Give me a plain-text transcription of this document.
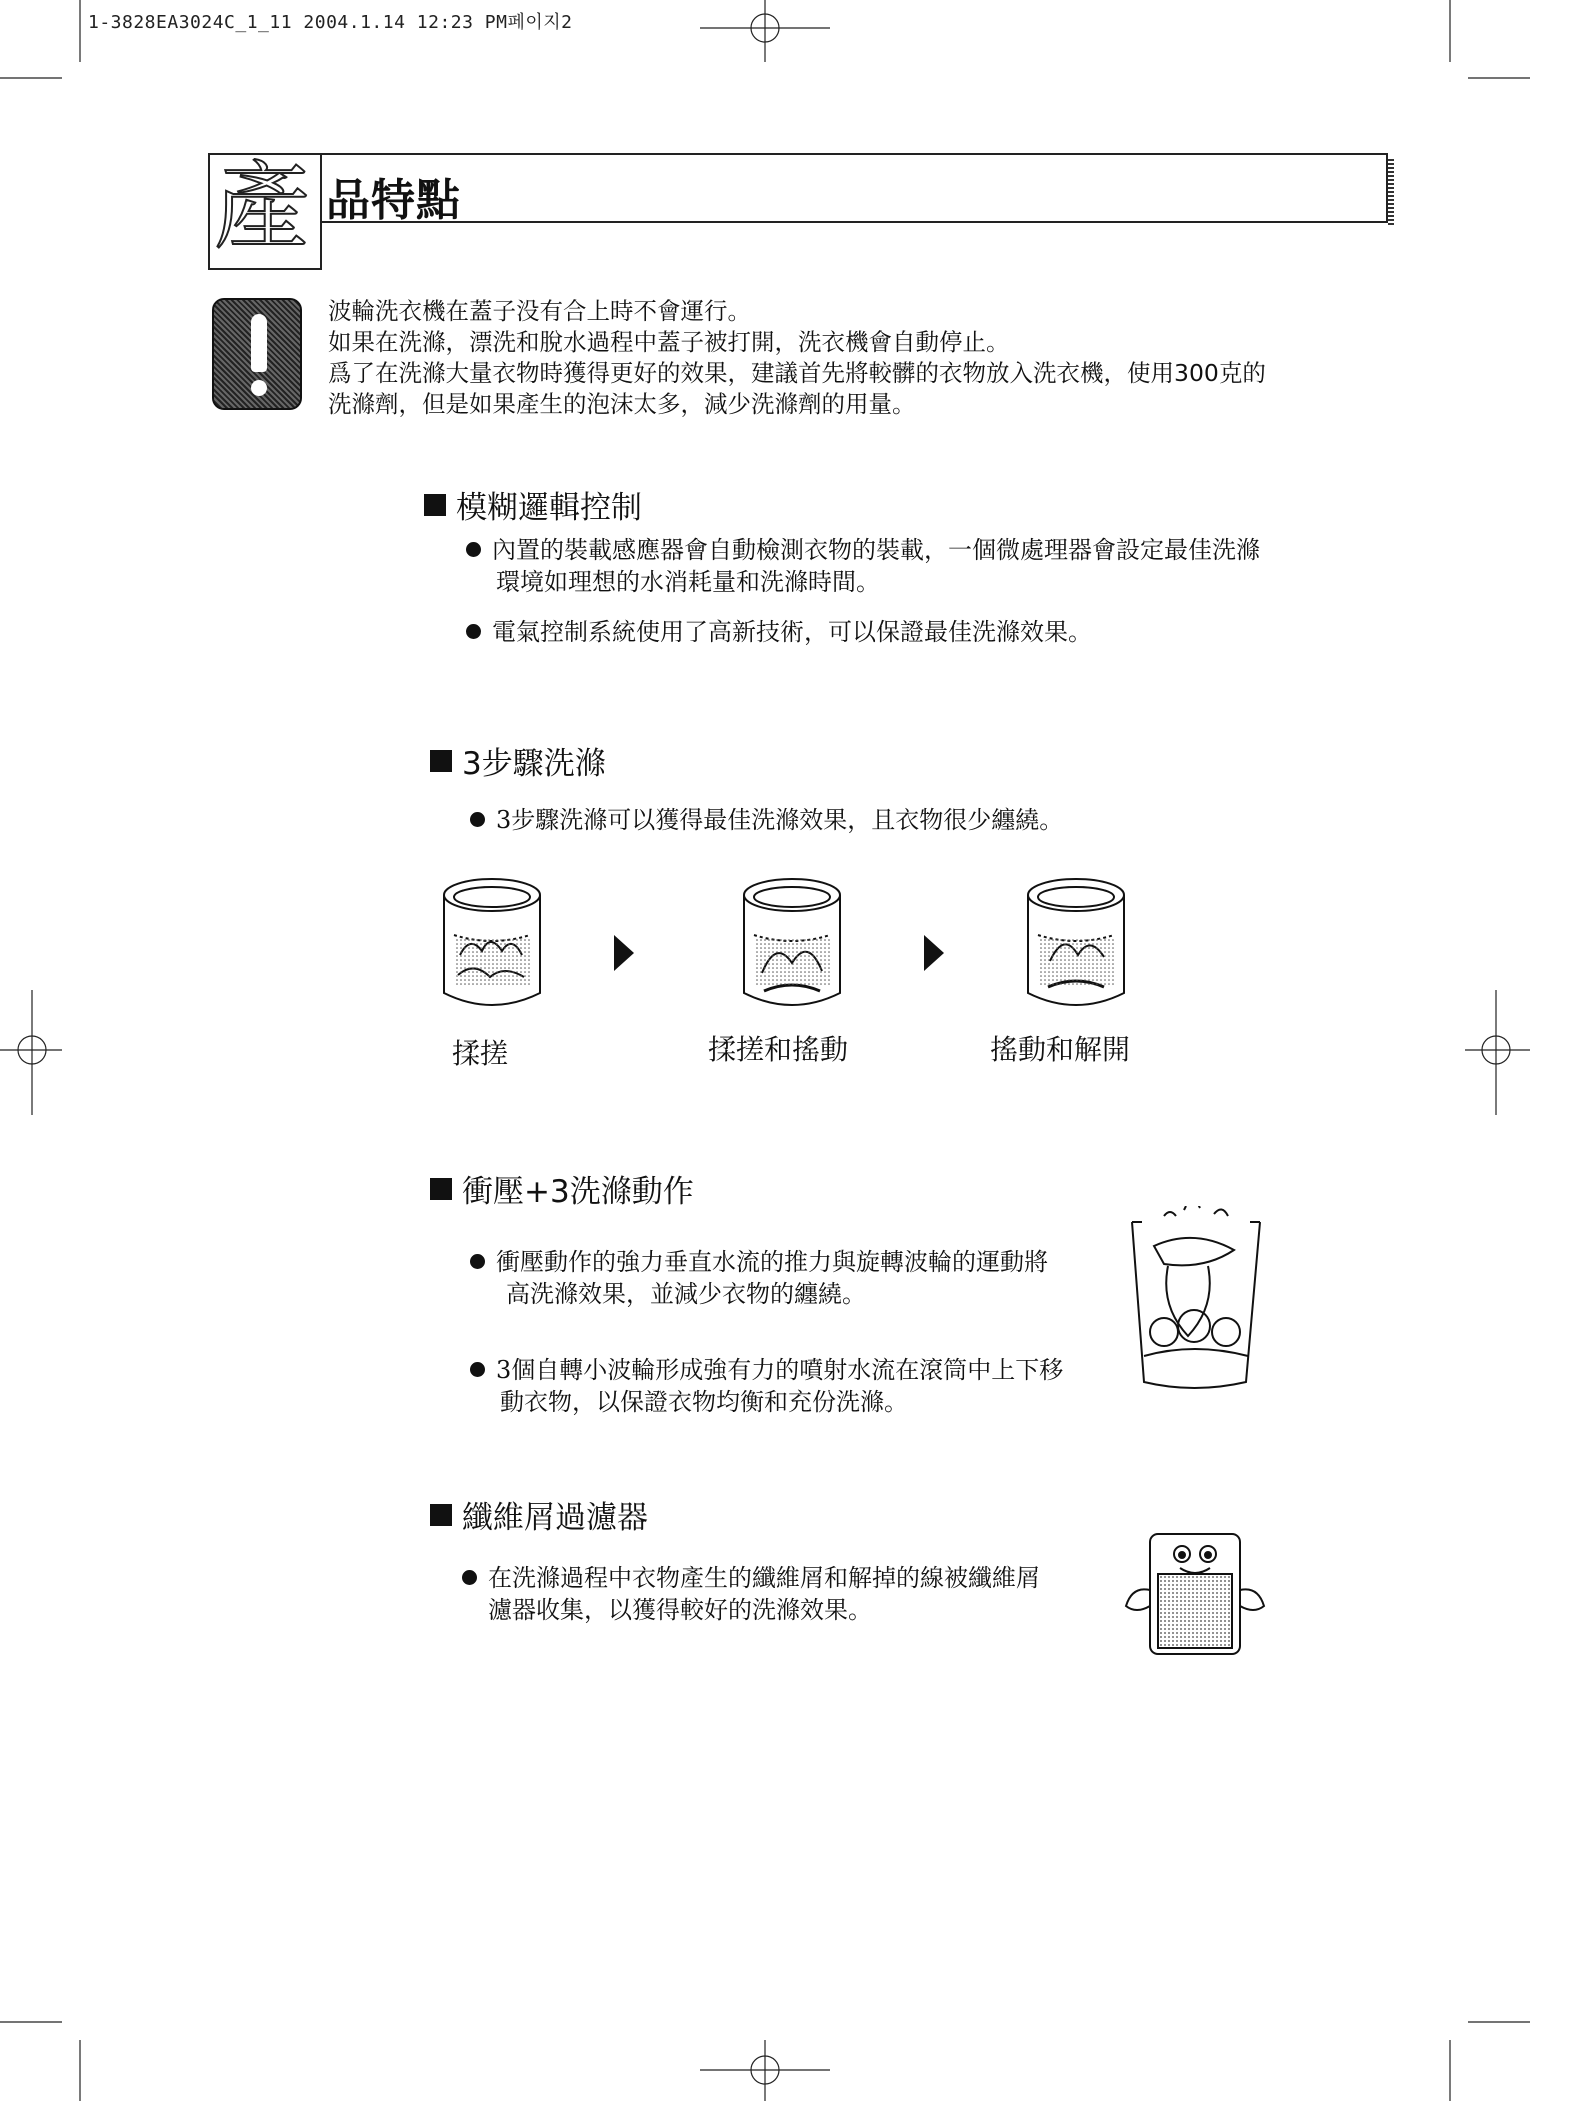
1-3828EA3024C_1_11 2004.1.14 12:23 PM페이지2
產 品特點
波輪洗衣機在蓋子没有合上時不會運行。
如果在洗滌，漂洗和脫水過程中蓋子被打開，洗衣機會自動停止。
爲了在洗滌大量衣物時獲得更好的效果，建議首先將較髒的衣物放入洗衣機，使用300克的
洗滌劑，但是如果產生的泡沫太多，減少洗滌劑的用量。
模糊邏輯控制
內置的裝載感應器會自動檢測衣物的裝載，一個微處理器會設定最佳洗滌
環境如理想的水消耗量和洗滌時間。
電氣控制系統使用了高新技術，可以保證最佳洗滌效果。
3步驟洗滌
3步驟洗滌可以獲得最佳洗滌效果，且衣物很少纏繞。
揉搓	揉搓和搖動	搖動和解開
衝壓+3洗滌動作
衝壓動作的強力垂直水流的推力與旋轉波輪的運動將
高洗滌效果，並減少衣物的纏繞。
3個自轉小波輪形成強有力的噴射水流在滾筒中上下移
動衣物，以保證衣物均衡和充份洗滌。
纖維屑過濾器
在洗滌過程中衣物產生的纖維屑和解掉的線被纖維屑
濾器收集，以獲得較好的洗滌效果。
